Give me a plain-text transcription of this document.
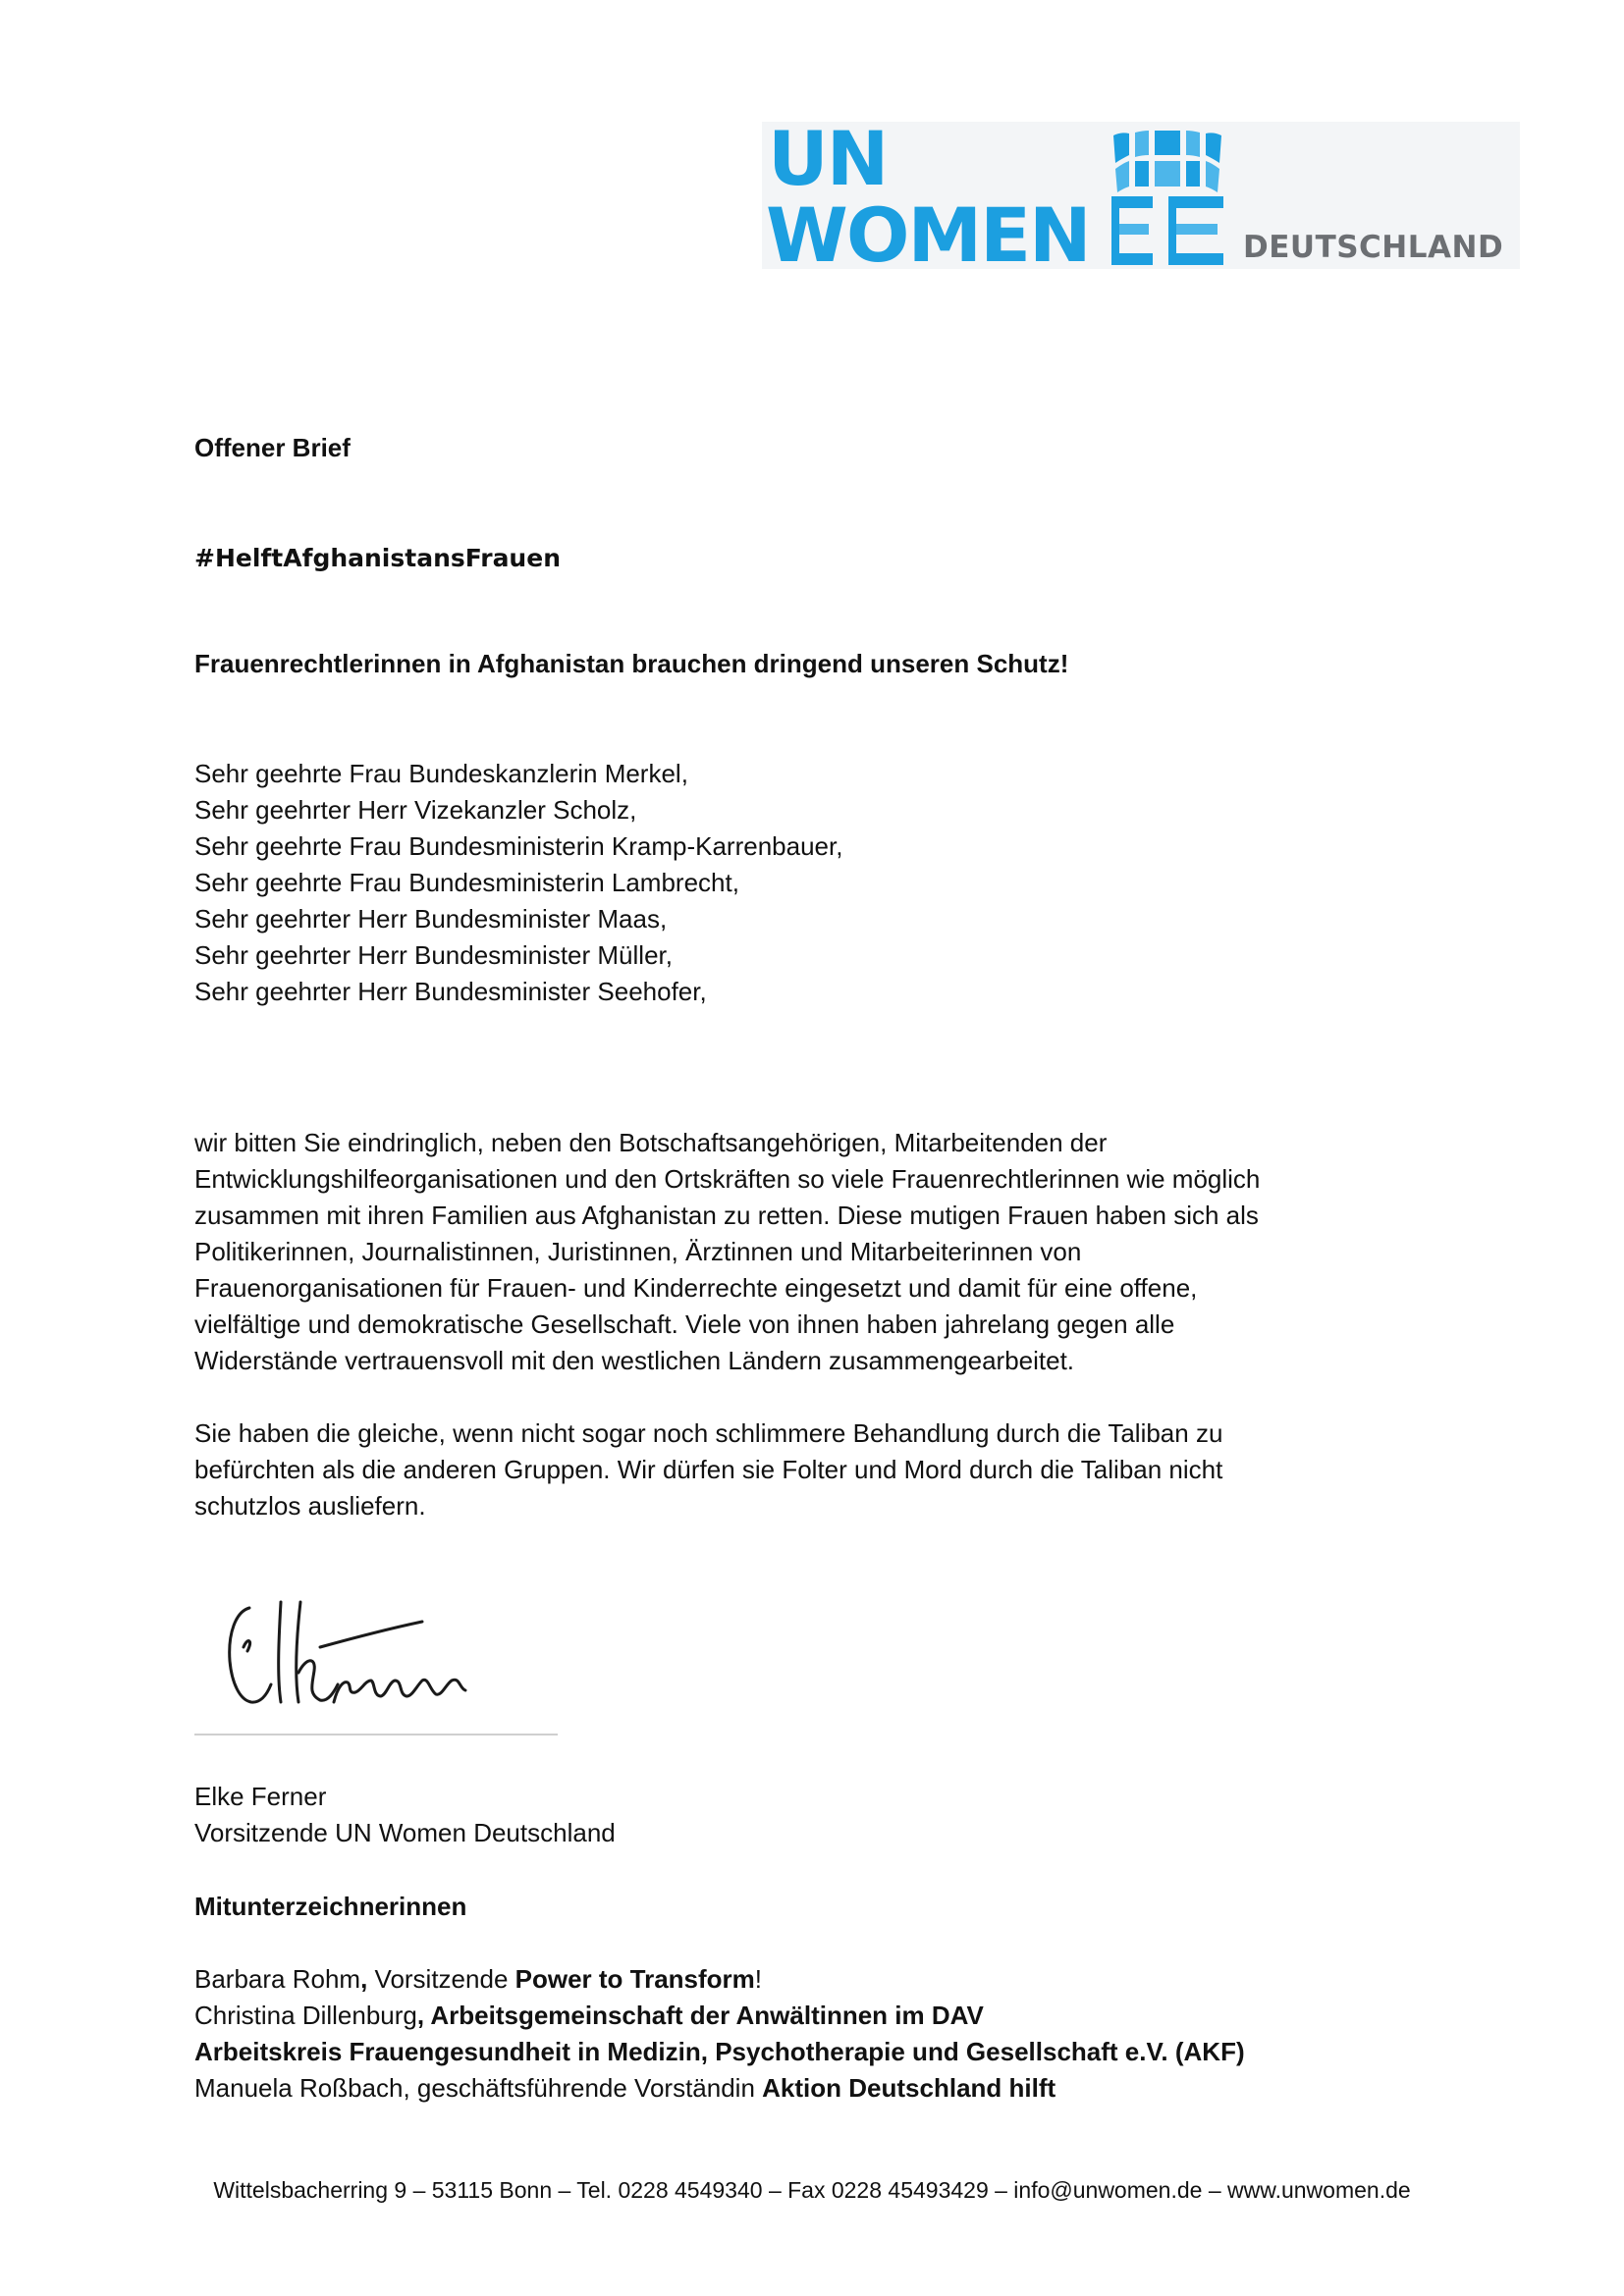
UN
WOMEN	DEUTSCHLAND
Offener Brief
#HelftAfghanistansFrauen
Frauenrechtlerinnen in Afghanistan brauchen dringend unseren Schutz!
Sehr geehrte Frau Bundeskanzlerin Merkel,
Sehr geehrter Herr Vizekanzler Scholz,
Sehr geehrte Frau Bundesministerin Kramp-Karrenbauer,
Sehr geehrte Frau Bundesministerin Lambrecht,
Sehr geehrter Herr Bundesminister Maas,
Sehr geehrter Herr Bundesminister Müller,
Sehr geehrter Herr Bundesminister Seehofer,
wir bitten Sie eindringlich, neben den Botschaftsangehörigen, Mitarbeitenden der
Entwicklungshilfeorganisationen und den Ortskräften so viele Frauenrechtlerinnen wie möglich
zusammen mit ihren Familien aus Afghanistan zu retten. Diese mutigen Frauen haben sich als
Politikerinnen, Journalistinnen, Juristinnen, Ärztinnen und Mitarbeiterinnen von
Frauenorganisationen für Frauen- und Kinderrechte eingesetzt und damit für eine offene,
vielfältige und demokratische Gesellschaft. Viele von ihnen haben jahrelang gegen alle
Widerstände vertrauensvoll mit den westlichen Ländern zusammengearbeitet.
Sie haben die gleiche, wenn nicht sogar noch schlimmere Behandlung durch die Taliban zu
befürchten als die anderen Gruppen. Wir dürfen sie Folter und Mord durch die Taliban nicht
schutzlos ausliefern.
Elke Ferner
Vorsitzende UN Women Deutschland
Mitunterzeichnerinnen
Barbara Rohm, Vorsitzende Power to Transform!
Christina Dillenburg, Arbeitsgemeinschaft der Anwältinnen im DAV
Arbeitskreis Frauengesundheit in Medizin, Psychotherapie und Gesellschaft e.V. (AKF)
Manuela Roßbach, geschäftsführende Vorständin Aktion Deutschland hilft
Wittelsbacherring 9 – 53115 Bonn – Tel. 0228 4549340 – Fax 0228 45493429 – info@unwomen.de – www.unwomen.de
